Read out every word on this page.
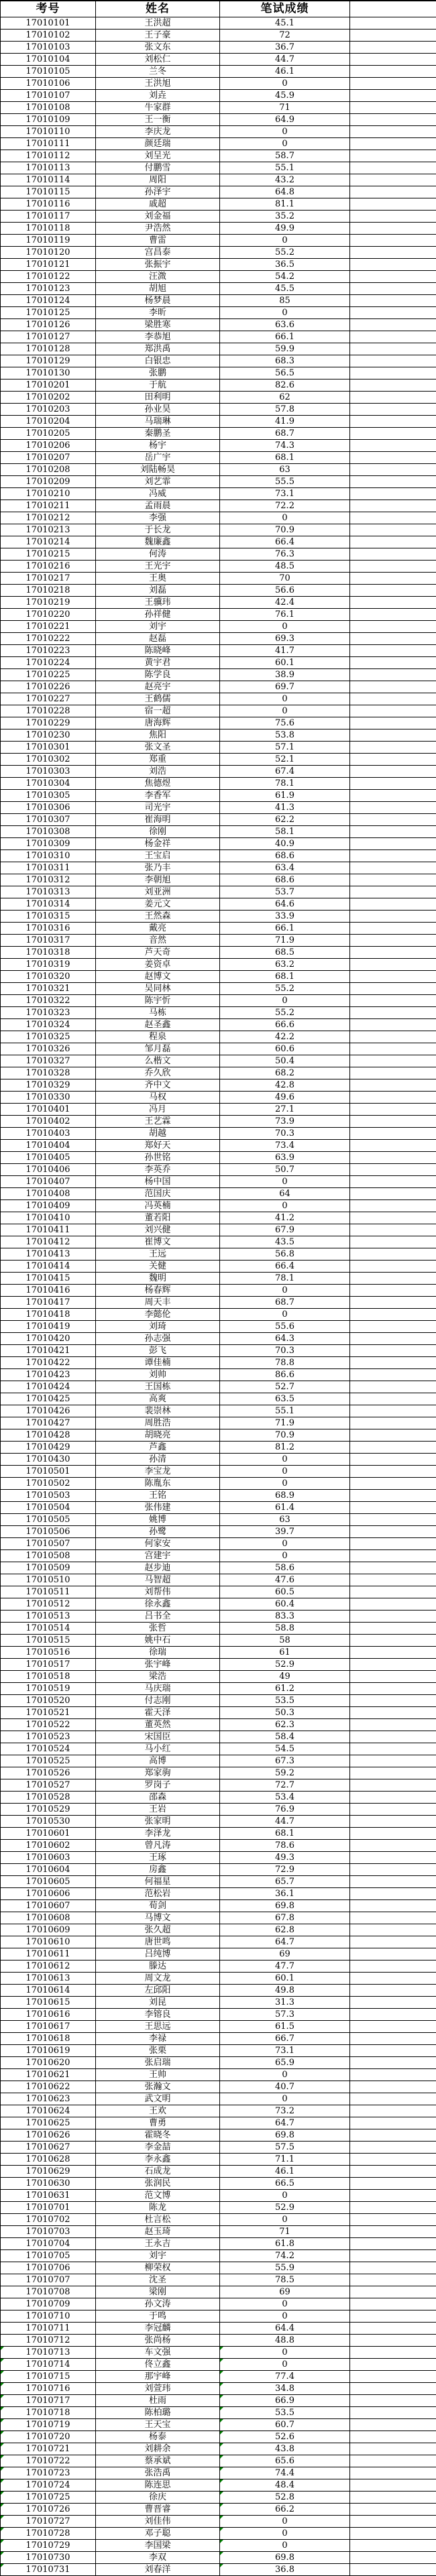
考号	姓名	笔试成绩
17010101	王洪超	45.1
17010102	王子豪	72
17010103	张文东	36.7
17010104	刘松仁	44.7
17010105	兰冬	46.1
17010106	王洪旭	0
17010107	刘垚	45.9
17010108	牛家群	71
17010109	王一衡	64.9
17010110	李庆龙	0
17010111	颜廷瑞	0
17010112	刘呈光	58.7
17010113	付鹏雪	55.1
17010114	周阳	43.2
17010115	孙泽宇	64.8
17010116	戚超	81.1
17010117	刘金福	35.2
17010118	尹浩然	49.9
17010119	曹雷	0
17010120	宫昌泰	55.2
17010121	张振宇	36.5
17010122	汪溦	54.2
17010123	胡旭	45.5
17010124	杨梦晨	85
17010125	李昕	0
17010126	梁胜寒	63.6
17010127	李恭旭	66.1
17010128	郑洪禹	59.9
17010129	白银忠	68.3
17010130	张鹏	56.5
17010201	于航	82.6
17010202	田利明	62
17010203	孙业昊	57.8
17010204	马瑞琳	41.9
17010205	秦鹏圣	68.7
17010206	杨宇	74.3
17010207	岳广宇	68.1
17010208	刘陆畅昊	63
17010209	刘艺霏	55.5
17010210	冯威	73.1
17010211	孟雨晨	72.2
17010212	李强	0
17010213	于长龙	70.9
17010214	魏廉鑫	66.4
17010215	何涛	76.3
17010216	王光宇	48.5
17010217	王奥	70
17010218	刘磊	56.6
17010219	王骥玮	42.4
17010220	孙祥健	76.1
17010221	刘宇	0
17010222	赵磊	69.3
17010223	陈晓峰	41.7
17010224	黄宇君	60.1
17010225	陈学良	38.9
17010226	赵亮宇	69.7
17010227	王鹤儒	0
17010228	宿一超	0
17010229	唐海辉	75.6
17010230	焦阳	53.8
17010301	张文圣	57.1
17010302	郑重	52.1
17010303	刘浩	67.4
17010304	焦德煜	78.1
17010305	李香军	61.9
17010306	司光宇	41.3
17010307	崔海明	62.2
17010308	徐刚	58.1
17010309	杨金祥	40.9
17010310	王宝启	68.6
17010311	张乃丰	63.4
17010312	李朝旭	68.6
17010313	刘亚洲	53.7
17010314	姜元文	64.6
17010315	王然森	33.9
17010316	戴亮	66.1
17010317	音然	71.9
17010318	芦天奇	68.5
17010319	姜资卓	63.2
17010320	赵博文	68.1
17010321	吴同林	55.2
17010322	陈宇忻	0
17010323	马栋	55.2
17010324	赵圣鑫	66.6
17010325	程泉	42.2
17010326	邹月磊	60.6
17010327	么楷文	50.4
17010328	乔久欣	68.2
17010329	齐中文	42.8
17010330	马权	49.6
17010401	冯月	27.1
17010402	王艺霖	73.9
17010403	胡越	70.3
17010404	郑好天	73.4
17010405	孙世铭	63.9
17010406	李英乔	50.7
17010407	杨中国	0
17010408	范国庆	64
17010409	冯英楠	0
17010410	董若阳	41.2
17010411	刘兴健	67.9
17010412	崔博文	43.5
17010413	王远	56.8
17010414	关健	66.4
17010415	魏明	78.1
17010416	杨春辉	0
17010417	周天丰	68.7
17010418	李懿伦	0
17010419	刘琦	55.6
17010420	孙志强	64.3
17010421	彭飞	70.3
17010422	谭佳楠	78.8
17010423	刘帅	86.6
17010424	王国栋	52.7
17010425	高爽	63.5
17010426	裴崇林	55.1
17010427	周胜浩	71.9
17010428	胡晓亮	70.9
17010429	芦鑫	81.2
17010430	孙清	0
17010501	李宝龙	0
17010502	陈胤东	0
17010503	王铭	68.9
17010504	张伟建	61.4
17010505	姚博	63
17010506	孙鹭	39.7
17010507	何家安	0
17010508	宫建宇	0
17010509	赵步迪	58.6
17010510	马智超	47.6
17010511	刘帮伟	60.5
17010512	徐永鑫	60.4
17010513	吕书全	83.3
17010514	张哲	58.8
17010515	姚中石	58
17010516	徐瑞	61
17010517	张宇峰	52.9
17010518	梁浩	49
17010519	马庆瑞	61.2
17010520	付志刚	53.5
17010521	霍天泽	50.3
17010522	董英然	62.3
17010523	宋国臣	58.4
17010524	马小红	54.5
17010525	高博	67.3
17010526	郑家驹	59.2
17010527	罗岗子	72.7
17010528	邵森	53.4
17010529	王岩	76.9
17010530	张家明	44.7
17010601	李泽龙	68.1
17010602	曾凡涛	78.6
17010603	王琢	49.3
17010604	房鑫	72.9
17010605	何福星	65.7
17010606	范松岩	36.1
17010607	荀剑	69.8
17010608	马博文	67.8
17010609	张久超	62.8
17010610	唐世鸣	64.7
17010611	吕纯博	69
17010612	滕达	47.7
17010613	周文龙	60.1
17010614	左邱阳	49.8
17010615	刘昆	31.3
17010616	李镕良	57.3
17010617	王思远	61.5
17010618	李禄	66.7
17010619	张栗	73.1
17010620	张启瑞	65.9
17010621	王帅	0
17010622	张瀚文	40.7
17010623	武文明	0
17010624	王欢	73.2
17010625	曹勇	64.7
17010626	霍晓冬	69.8
17010627	李金喆	57.5
17010628	李永鑫	71.1
17010629	石成龙	46.1
17010630	张润民	66.5
17010631	范文博	0
17010701	陈龙	52.9
17010702	杜言松	0
17010703	赵玉琦	71
17010704	王永吉	61.8
17010705	刘宇	74.2
17010706	柳荣权	55.9
17010707	沈圣	78.5
17010708	梁刚	69
17010709	孙文涛	0
17010710	于鸣	0
17010711	李冠麟	64.4
17010712	张尚杨	48.8
17010713	车文强	0
17010714	佟立鑫	0
17010715	那宇峰	77.4
17010716	刘萱玮	34.8
17010717	杜雨	66.9
17010718	陈柏璐	53.5
17010719	王天宝	60.7
17010720	杨泰	52.6
17010721	刘耕余	43.8
17010722	蔡承斌	65.6
17010723	张浩禹	74.4
17010724	陈连思	48.4
17010725	徐庆	52.8
17010726	曹晋睿	66.2
17010727	刘佳伟	0
17010728	邓子聪	0
17010729	李国梁	0
17010730	李双	69.8
17010731	刘春洋	36.8
